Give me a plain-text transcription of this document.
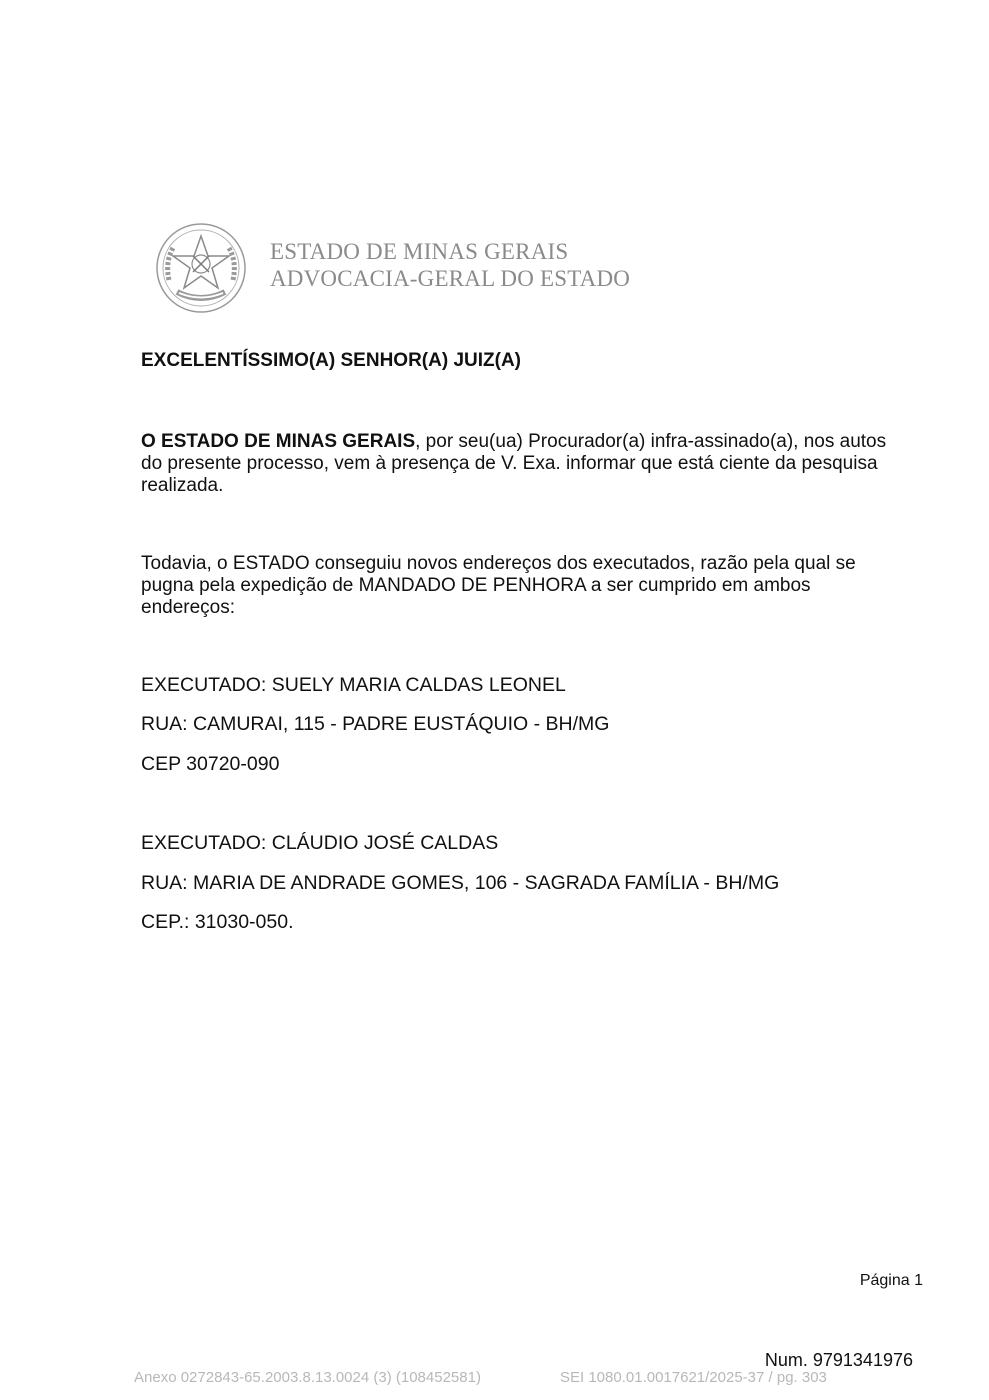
ESTADO DE MINAS GERAIS
ADVOCACIA-GERAL DO ESTADO
EXCELENTÍSSIMO(A) SENHOR(A) JUIZ(A)
O ESTADO DE MINAS GERAIS, por seu(ua) Procurador(a) infra-assinado(a), nos autos do presente processo, vem à presença de V. Exa. informar que está ciente da pesquisa realizada.
Todavia, o ESTADO conseguiu novos endereços dos executados, razão pela qual se pugna pela expedição de MANDADO DE PENHORA a ser cumprido em ambos endereços:
EXECUTADO: SUELY MARIA CALDAS LEONEL
RUA: CAMURAI, 115 - PADRE EUSTÁQUIO - BH/MG
CEP 30720-090
EXECUTADO: CLÁUDIO JOSÉ CALDAS
RUA: MARIA DE ANDRADE GOMES, 106 - SAGRADA FAMÍLIA - BH/MG
CEP.: 31030-050.
Página 1
Num. 9791341976
Anexo 0272843-65.2003.8.13.0024 (3) (108452581)	SEI 1080.01.0017621/2025-37 / pg. 303
